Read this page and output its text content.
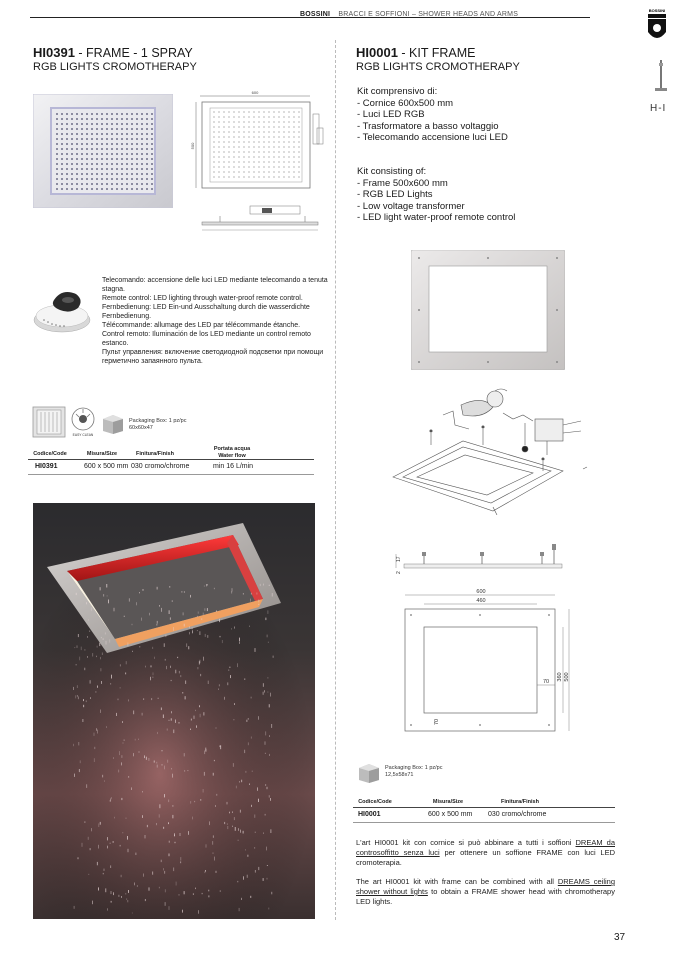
BOSSINI BRACCI E SOFFIONI – SHOWER HEADS AND ARMS
BOSSINI
H-I
HI0391 - FRAME - 1 SPRAY
RGB LIGHTS CROMOTHERAPY
600
500
Telecomando: accensione delle luci LED mediante telecomando a tenuta stagna.
Remote control: LED lighting through water-proof remote control.
Fernbedienung: LED Ein-und Ausschaltung durch die wasserdichte Fernbedienung.
Télécommande: allumage des LED par télécommande étanche.
Control remoto: Iluminación de los LED mediante un control remoto estanco.
Пульт управления: включение светодиодной подсветки при помощи герметично запаянного пульта.
EASY CLEAN
Packaging Box: 1 pz/pc
60x60x47
Codice/Code	Misura/Size	Finitura/Finish
Portata acqua Water flow
HI0391	600 x 500 mm 030 cromo/chrome	min 16 L/min
HI0001 - KIT FRAME
RGB LIGHTS CROMOTHERAPY
Kit comprensivo di:
- Cornice 600x500 mm
- Luci LED RGB
- Trasformatore a basso voltaggio
- Telecomando accensione luci LED
Kit consisting of:
- Frame 500x600 mm
- RGB LED Lights
- Low voltage transformer
- LED light water-proof remote control
17
2
600
460
360 500
70
70
Packaging Box: 1 pz/pc
12,5x58x71
Codice/Code	Misura/Size	Finitura/Finish
HI0001	600 x 500 mm 030 cromo/chrome
L'art HI0001 kit con cornice si può abbinare a tutti i soffioni DREAM da controsoffitto senza luci per ottenere un soffione FRAME con luci LED cromoterapia.
The art HI0001 kit with frame can be combined with all DREAMS ceiling shower without lights to obtain a FRAME shower head with chromotherapy LED lights.
37
